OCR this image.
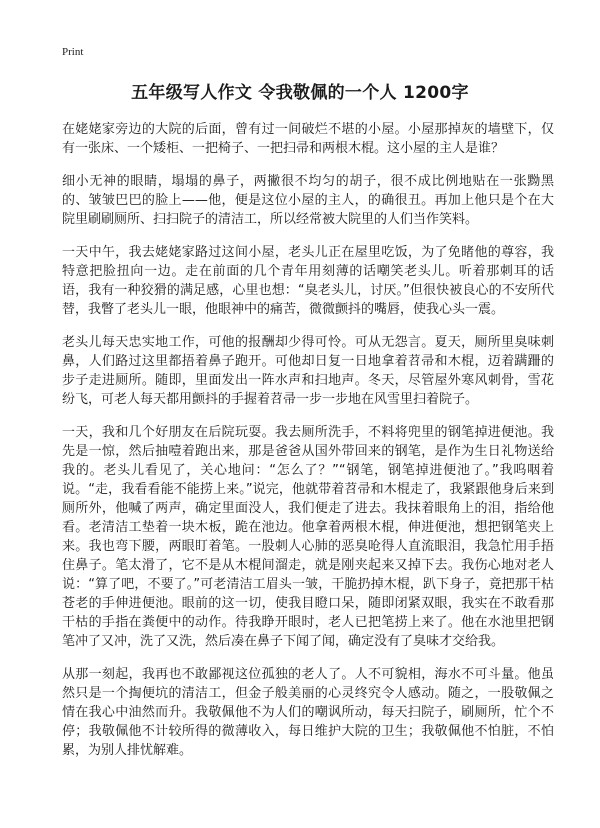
Print
五年级写人作文 令我敬佩的一个人 1200字

在姥姥家旁边的大院的后面，曾有过一间破烂不堪的小屋。小屋那掉灰的墙壁下，仅有一张床、一个矮柜、一把椅子、一把扫帚和两根木棍。这小屋的主人是谁？

细小无神的眼睛，塌塌的鼻子，两撇很不均匀的胡子，很不成比例地贴在一张黝黑的、皱皱巴巴的脸上——他，便是这位小屋的主人，的确很丑。再加上他只是个在大院里刷刷厕所、扫扫院子的清洁工，所以经常被大院里的人们当作笑料。

一天中午，我去姥姥家路过这间小屋，老头儿正在屋里吃饭，为了免睹他的尊容，我特意把脸扭向一边。走在前面的几个青年用刻薄的话嘲笑老头儿。听着那刺耳的话语，我有一种狡猾的满足感，心里也想：“臭老头儿，讨厌。”但很快被良心的不安所代替，我瞥了老头儿一眼，他眼神中的痛苦，微微颤抖的嘴唇，使我心头一震。

老头儿每天忠实地工作，可他的报酬却少得可怜。可从无怨言。夏天，厕所里臭味刺鼻，人们路过这里都捂着鼻子跑开。可他却日复一日地拿着苕帚和木棍，迈着蹒跚的步子走进厕所。随即，里面发出一阵水声和扫地声。冬天，尽管屋外寒风刺骨，雪花纷飞，可老人每天都用颤抖的手握着苕帚一步一步地在风雪里扫着院子。

一天，我和几个好朋友在后院玩耍。我去厕所洗手，不料将兜里的钢笔掉进便池。我先是一惊，然后抽噎着跑出来，那是爸爸从国外带回来的钢笔，是作为生日礼物送给我的。老头儿看见了，关心地问：“怎么了？”“钢笔，钢笔掉进便池了。”我呜咽着说。“走，我看看能不能捞上来。”说完，他就带着苕帚和木棍走了，我紧跟他身后来到厕所外，他喊了两声，确定里面没人，我们便走了进去。我抹着眼角上的泪，指给他看。老清洁工垫着一块木板，跪在池边。他拿着两根木棍，伸进便池，想把钢笔夹上来。我也弯下腰，两眼盯着笔。一股刺人心肺的恶臭呛得人直流眼泪，我急忙用手捂住鼻子。笔太滑了，它不是从木棍间溜走，就是刚夹起来又掉下去。我伤心地对老人说：“算了吧，不要了。”可老清洁工眉头一皱，干脆扔掉木棍，趴下身子，竟把那干枯苍老的手伸进便池。眼前的这一切，使我目瞪口呆，随即闭紧双眼，我实在不敢看那干枯的手指在粪便中的动作。待我睁开眼时，老人已把笔捞上来了。他在水池里把钢笔冲了又冲，洗了又洗，然后凑在鼻子下闻了闻，确定没有了臭味才交给我。

从那一刻起，我再也不敢鄙视这位孤独的老人了。人不可貌相，海水不可斗量。他虽然只是一个掏便坑的清洁工，但金子般美丽的心灵终究令人感动。随之，一股敬佩之情在我心中油然而升。我敬佩他不为人们的嘲讽所动，每天扫院子，刷厕所，忙个不停；我敬佩他不计较所得的微薄收入，每日维护大院的卫生；我敬佩他不怕脏，不怕累，为别人排忧解难。
